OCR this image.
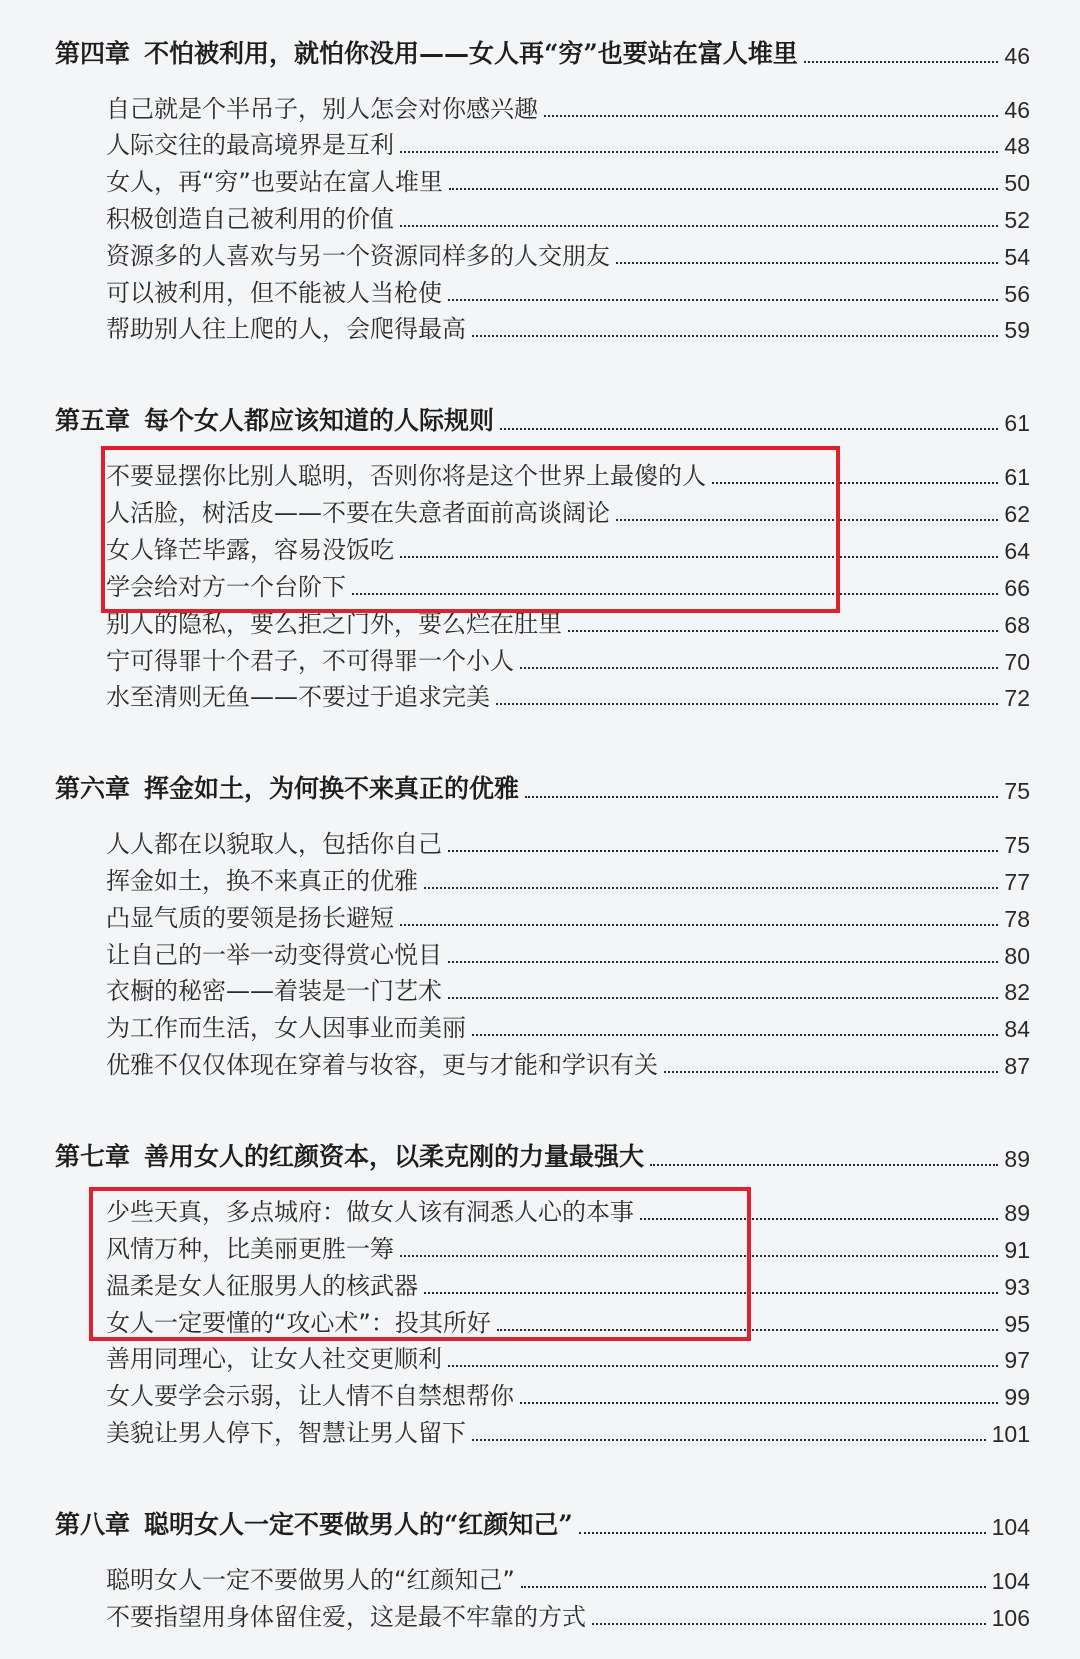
第四章 不怕被利用，就怕你没用——女人再“穷”也要站在富人堆里	46
自己就是个半吊子，别人怎会对你感兴趣	46
人际交往的最高境界是互利	48
女人，再“穷”也要站在富人堆里	50
积极创造自己被利用的价值	52
资源多的人喜欢与另一个资源同样多的人交朋友	54
可以被利用，但不能被人当枪使	56
帮助别人往上爬的人，会爬得最高	59
第五章 每个女人都应该知道的人际规则	61
不要显摆你比别人聪明，否则你将是这个世界上最傻的人	61
人活脸，树活皮——不要在失意者面前高谈阔论	62
女人锋芒毕露，容易没饭吃	64
学会给对方一个台阶下	66
别人的隐私，要么拒之门外，要么烂在肚里	68
宁可得罪十个君子，不可得罪一个小人	70
水至清则无鱼——不要过于追求完美	72
第六章 挥金如土，为何换不来真正的优雅	75
人人都在以貌取人，包括你自己	75
挥金如土，换不来真正的优雅	77
凸显气质的要领是扬长避短	78
让自己的一举一动变得赏心悦目	80
衣橱的秘密——着装是一门艺术	82
为工作而生活，女人因事业而美丽	84
优雅不仅仅体现在穿着与妆容，更与才能和学识有关	87
第七章 善用女人的红颜资本，以柔克刚的力量最强大	89
少些天真，多点城府：做女人该有洞悉人心的本事	89
风情万种，比美丽更胜一筹	91
温柔是女人征服男人的核武器	93
女人一定要懂的“攻心术”：投其所好	95
善用同理心，让女人社交更顺利	97
女人要学会示弱，让人情不自禁想帮你	99
美貌让男人停下，智慧让男人留下	101
第八章 聪明女人一定不要做男人的“红颜知己”	104
聪明女人一定不要做男人的“红颜知己”	104
不要指望用身体留住爱，这是最不牢靠的方式	106
